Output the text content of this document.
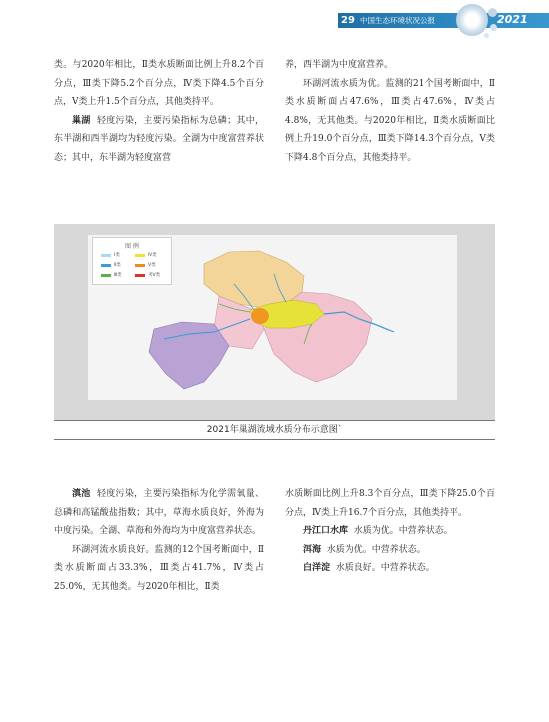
29 中国生态环境状况公报	2021

类。与2020年相比，Ⅱ类水质断面比例上升8.2个百分点，Ⅲ类下降5.2个百分点，Ⅳ类下降4.5个百分点，Ⅴ类上升1.5个百分点，其他类持平。

巢湖 轻度污染，主要污染指标为总磷；其中，东半湖和西半湖均为轻度污染。全湖为中度富营养状态；其中，东半湖为轻度富营

养，西半湖为中度富营养。

环湖河流水质为优。监测的21个国考断面中，Ⅱ类水质断面占47.6%，Ⅲ类占47.6%，Ⅳ类占4.8%，无其他类。与2020年相比，Ⅱ类水质断面比例上升19.0个百分点，Ⅲ类下降14.3个百分点，Ⅴ类下降4.8个百分点，其他类持平。

图 例
Ⅰ类	Ⅳ类
Ⅱ类	Ⅴ类
Ⅲ类	劣Ⅴ类
2021年巢湖流域水质分布示意图`

滇池 轻度污染，主要污染指标为化学需氧量、总磷和高锰酸盐指数；其中，草海水质良好，外海为中度污染。全湖、草海和外海均为中度富营养状态。

环湖河流水质良好。监测的12个国考断面中，Ⅱ类水质断面占33.3%，Ⅲ类占41.7%，Ⅳ类占25.0%，无其他类。与2020年相比，Ⅱ类

水质断面比例上升8.3个百分点，Ⅲ类下降25.0个百分点，Ⅳ类上升16.7个百分点，其他类持平。

丹江口水库 水质为优。中营养状态。

洱海 水质为优。中营养状态。

白洋淀 水质良好。中营养状态。
